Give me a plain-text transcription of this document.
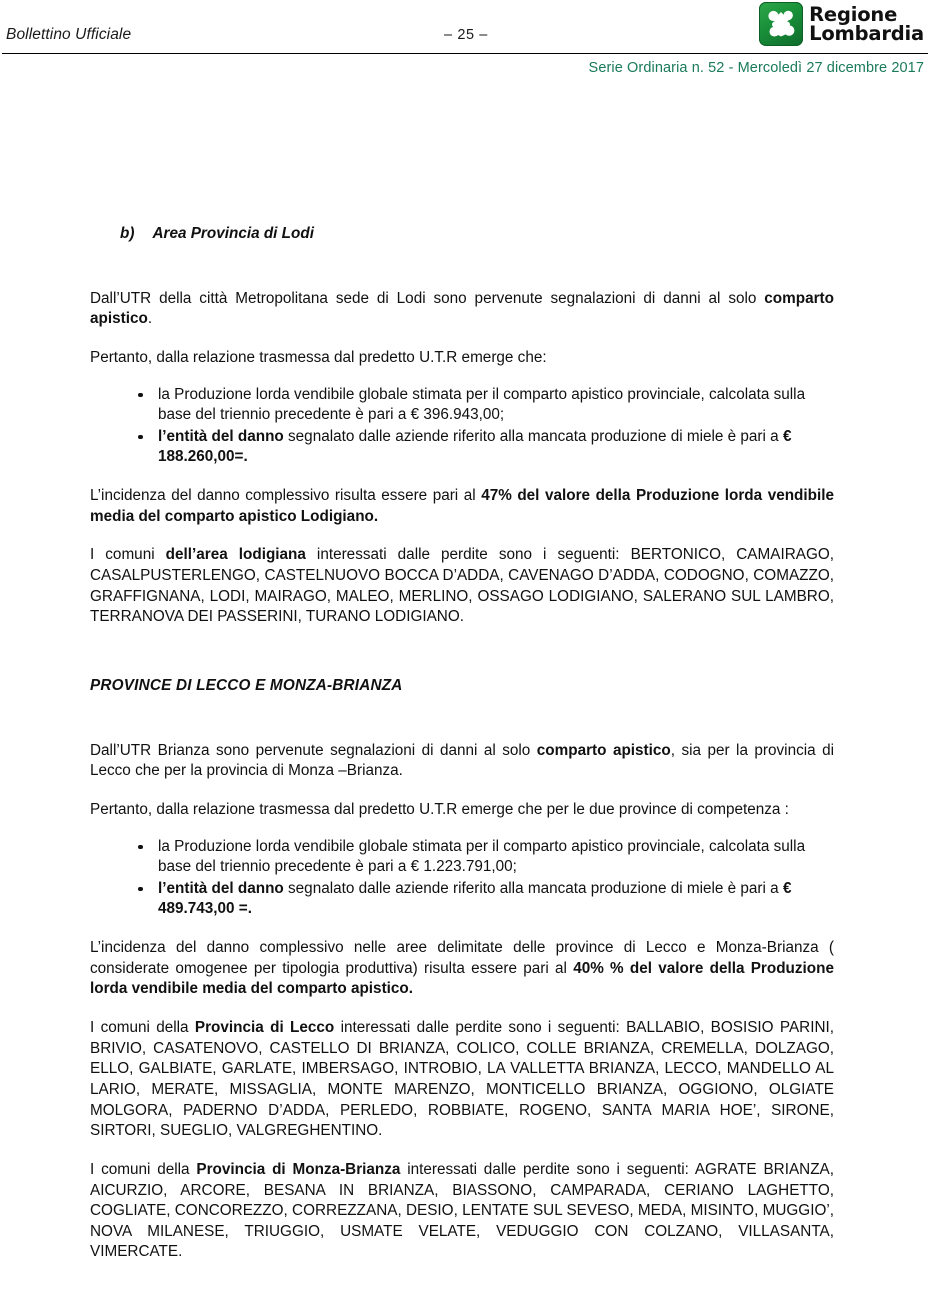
Bollettino Ufficiale	– 25 –
Regione
Lombardia
Serie Ordinaria n. 52 - Mercoledì 27 dicembre 2017
b) Area Provincia di Lodi

Dall’UTR della città Metropolitana sede di Lodi sono pervenute segnalazioni di danni al solo comparto apistico.

Pertanto, dalla relazione trasmessa dal predetto U.T.R emerge che:

la Produzione lorda vendibile globale stimata per il comparto apistico provinciale, calcolata sulla base del triennio precedente è pari a € 396.943,00;
l’entità del danno segnalato dalle aziende riferito alla mancata produzione di miele è pari a € 188.260,00=.

L’incidenza del danno complessivo risulta essere pari al 47% del valore della Produzione lorda vendibile media del comparto apistico Lodigiano.

I comuni dell’area lodigiana interessati dalle perdite sono i seguenti: BERTONICO, CAMAIRAGO, CASALPUSTERLENGO, CASTELNUOVO BOCCA D’ADDA, CAVENAGO D’ADDA, CODOGNO, COMAZZO, GRAFFIGNANA, LODI, MAIRAGO, MALEO, MERLINO, OSSAGO LODIGIANO, SALERANO SUL LAMBRO, TERRANOVA DEI PASSERINI, TURANO LODIGIANO.

PROVINCE DI LECCO E MONZA-BRIANZA

Dall’UTR Brianza sono pervenute segnalazioni di danni al solo comparto apistico, sia per la provincia di Lecco che per la provincia di Monza –Brianza.

Pertanto, dalla relazione trasmessa dal predetto U.T.R emerge che per le due province di competenza :

la Produzione lorda vendibile globale stimata per il comparto apistico provinciale, calcolata sulla base del triennio precedente è pari a € 1.223.791,00;
l’entità del danno segnalato dalle aziende riferito alla mancata produzione di miele è pari a € 489.743,00 =.

L’incidenza del danno complessivo nelle aree delimitate delle province di Lecco e Monza-Brianza ( considerate omogenee per tipologia produttiva) risulta essere pari al 40% % del valore della Produzione lorda vendibile media del comparto apistico.

I comuni della Provincia di Lecco interessati dalle perdite sono i seguenti: BALLABIO, BOSISIO PARINI, BRIVIO, CASATENOVO, CASTELLO DI BRIANZA, COLICO, COLLE BRIANZA, CREMELLA, DOLZAGO, ELLO, GALBIATE, GARLATE, IMBERSAGO, INTROBIO, LA VALLETTA BRIANZA, LECCO, MANDELLO AL LARIO, MERATE, MISSAGLIA, MONTE MARENZO, MONTICELLO BRIANZA, OGGIONO, OLGIATE MOLGORA, PADERNO D’ADDA, PERLEDO, ROBBIATE, ROGENO, SANTA MARIA HOE’, SIRONE, SIRTORI, SUEGLIO, VALGREGHENTINO.

I comuni della Provincia di Monza-Brianza interessati dalle perdite sono i seguenti: AGRATE BRIANZA, AICURZIO, ARCORE, BESANA IN BRIANZA, BIASSONO, CAMPARADA, CERIANO LAGHETTO, COGLIATE, CONCOREZZO, CORREZZANA, DESIO, LENTATE SUL SEVESO, MEDA, MISINTO, MUGGIO’, NOVA MILANESE, TRIUGGIO, USMATE VELATE, VEDUGGIO CON COLZANO, VILLASANTA, VIMERCATE.
